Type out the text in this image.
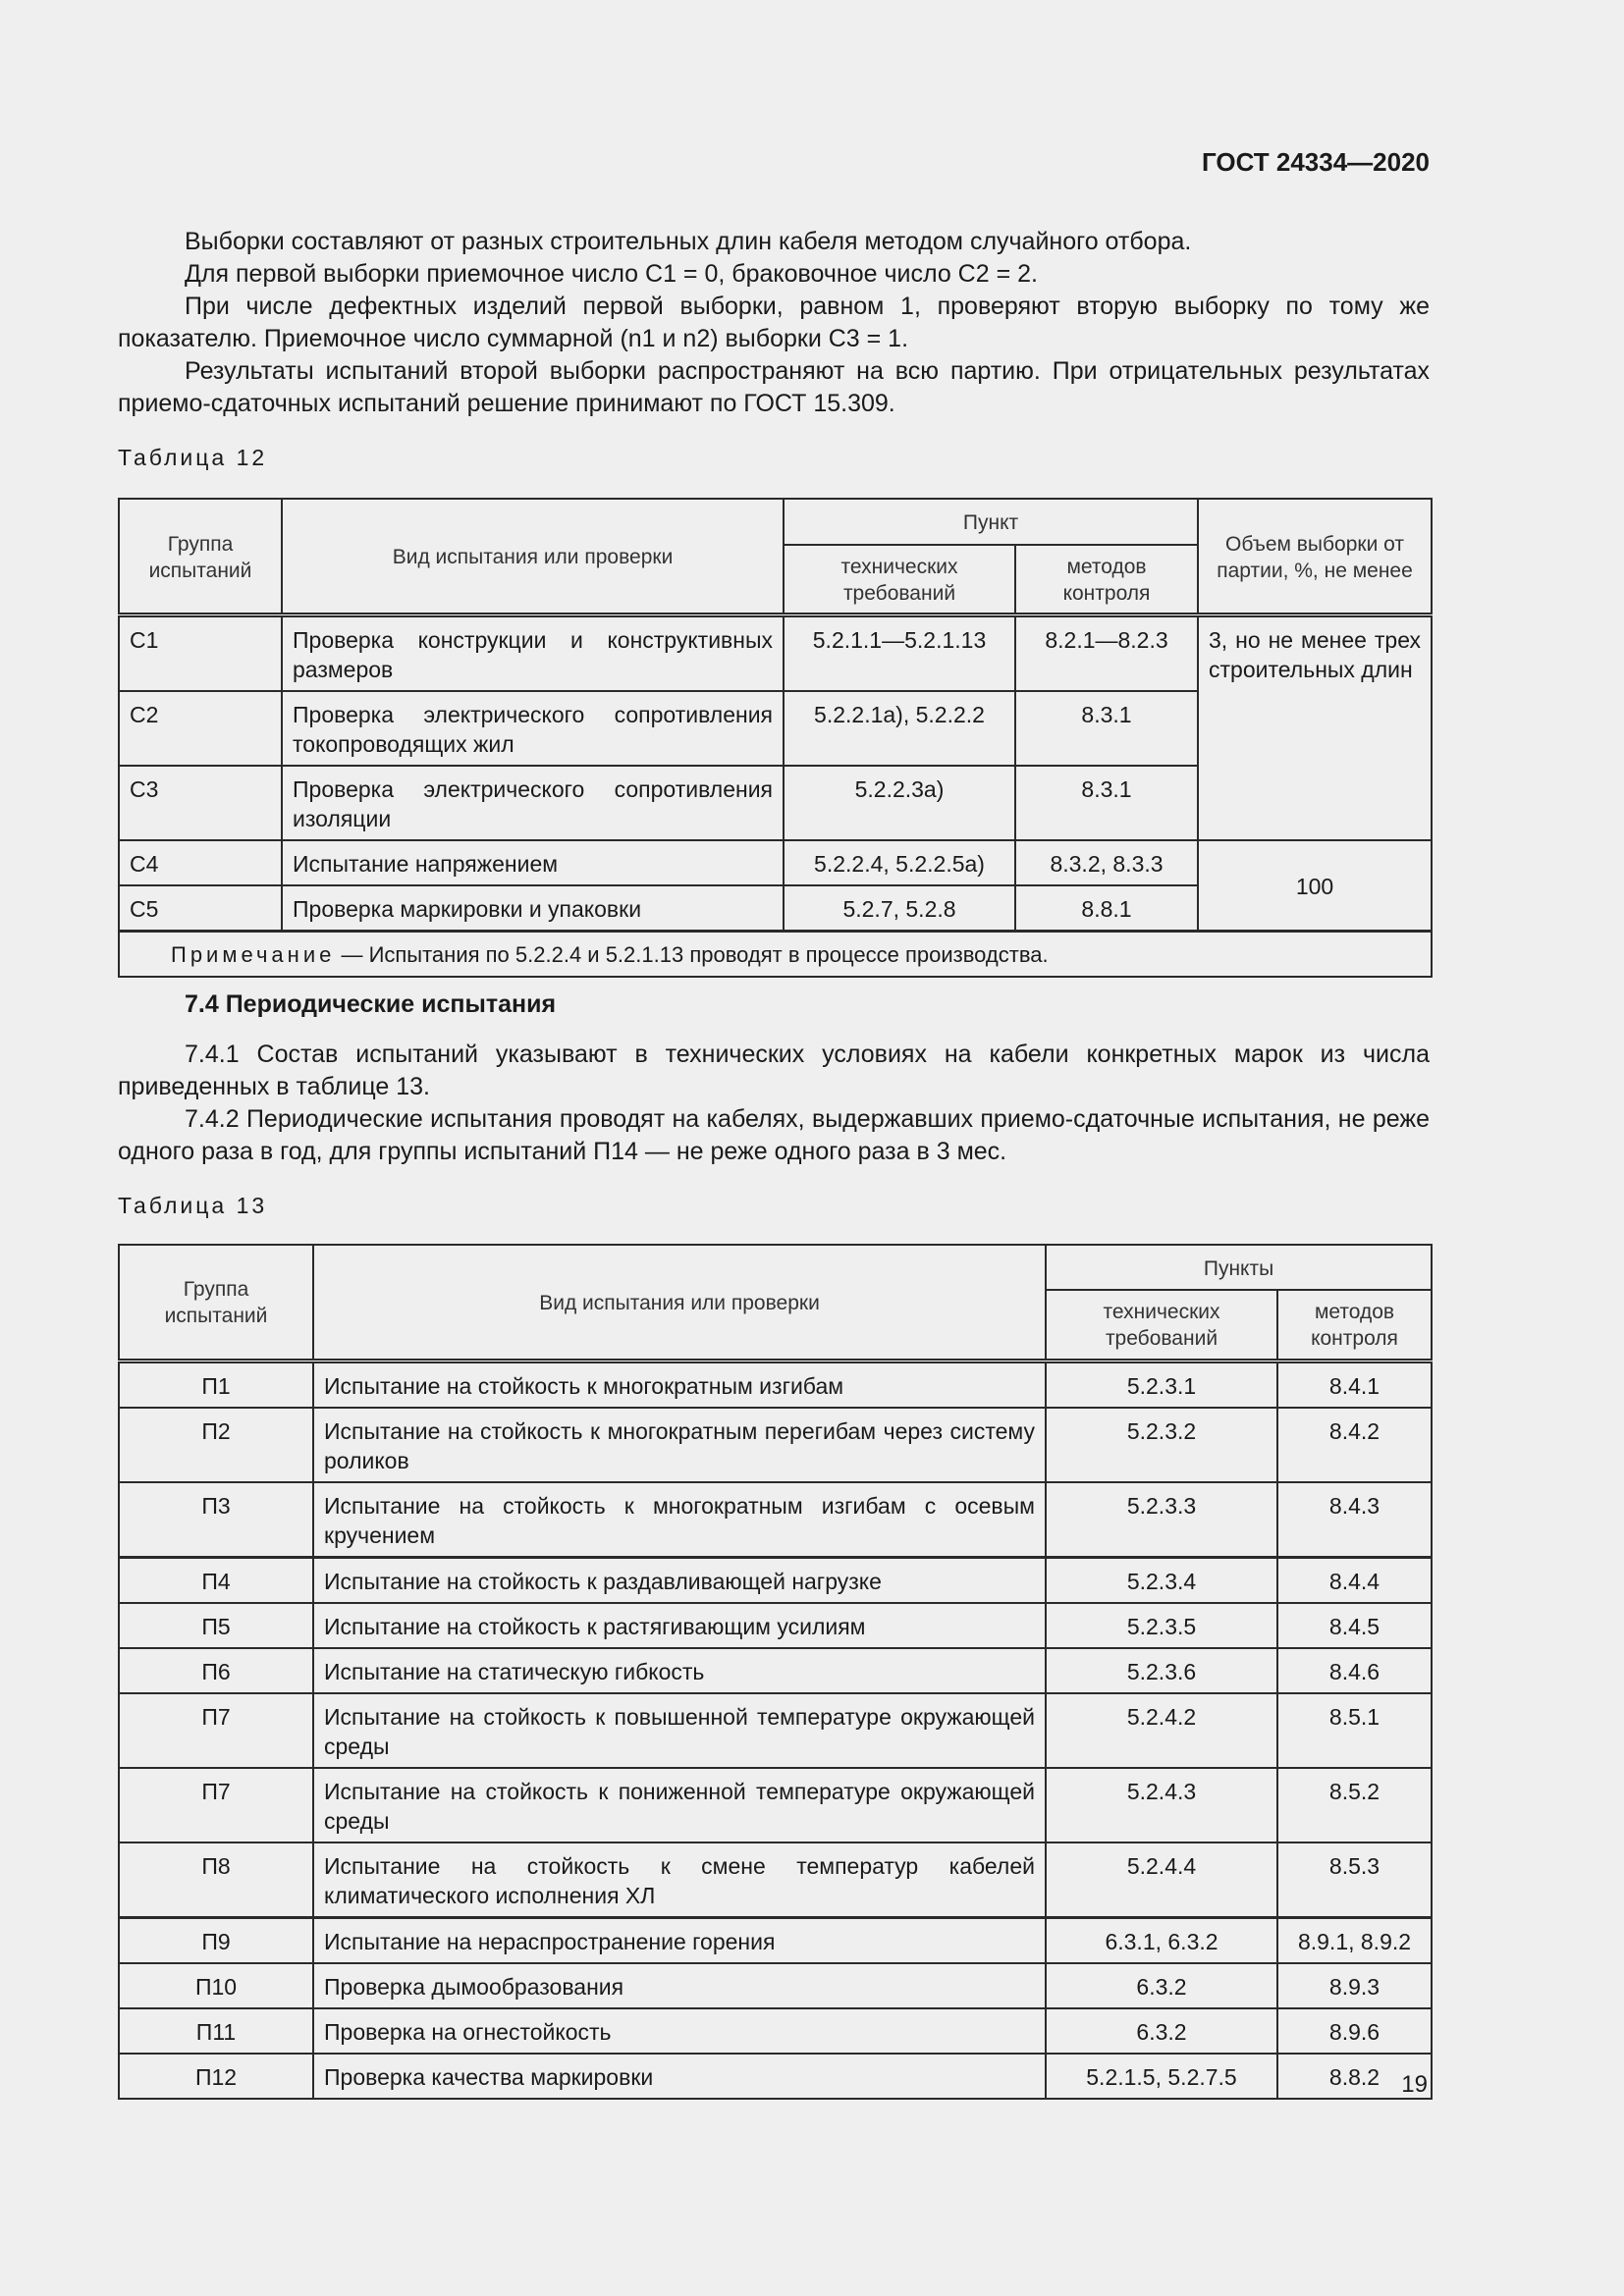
ГОСТ 24334—2020
Выборки составляют от разных строительных длин кабеля методом случайного отбора.
Для первой выборки приемочное число C1 = 0, браковочное число C2 = 2.
При числе дефектных изделий первой выборки, равном 1, проверяют вторую выборку по тому же показателю. Приемочное число суммарной (n1 и n2) выборки C3 = 1.
Результаты испытаний второй выборки распространяют на всю партию. При отрицательных результатах приемо-сдаточных испытаний решение принимают по ГОСТ 15.309.
Таблица 12
Группа испытаний	Вид испытания или проверки	Пункт		Объем выборки от партии, %, не менее
		технических требований	методов контроля	
С1	Проверка конструкции и конструктивных размеров	5.2.1.1—5.2.1.13	8.2.1—8.2.3	3, но не менее трех строительных длин
С2	Проверка электрического сопротивления токопроводящих жил	5.2.2.1а), 5.2.2.2	8.3.1	
С3	Проверка электрического сопротивления изоляции	5.2.2.3а)	8.3.1	
С4	Испытание напряжением	5.2.2.4, 5.2.2.5а)	8.3.2, 8.3.3	100
С5	Проверка маркировки и упаковки	5.2.7, 5.2.8	8.8.1	
Примечание — Испытания по 5.2.2.4 и 5.2.1.13 проводят в процессе производства.				
7.4 Периодические испытания
7.4.1 Состав испытаний указывают в технических условиях на кабели конкретных марок из числа приведенных в таблице 13.
7.4.2 Периодические испытания проводят на кабелях, выдержавших приемо-сдаточные испытания, не реже одного раза в год, для группы испытаний П14 — не реже одного раза в 3 мес.
Таблица 13
Группа испытаний	Вид испытания или проверки	Пункты	
		технических требований	методов контроля
П1	Испытание на стойкость к многократным изгибам	5.2.3.1	8.4.1
П2	Испытание на стойкость к многократным перегибам через систему роликов	5.2.3.2	8.4.2
П3	Испытание на стойкость к многократным изгибам с осевым кручением	5.2.3.3	8.4.3
П4	Испытание на стойкость к раздавливающей нагрузке	5.2.3.4	8.4.4
П5	Испытание на стойкость к растягивающим усилиям	5.2.3.5	8.4.5
П6	Испытание на статическую гибкость	5.2.3.6	8.4.6
П7	Испытание на стойкость к повышенной температуре окружающей среды	5.2.4.2	8.5.1
П7	Испытание на стойкость к пониженной температуре окружающей среды	5.2.4.3	8.5.2
П8	Испытание на стойкость к смене температур кабелей климатического исполнения ХЛ	5.2.4.4	8.5.3
П9	Испытание на нераспространение горения	6.3.1, 6.3.2	8.9.1, 8.9.2
П10	Проверка дымообразования	6.3.2	8.9.3
П11	Проверка на огнестойкость	6.3.2	8.9.6
П12	Проверка качества маркировки	5.2.1.5, 5.2.7.5	8.8.2 19
